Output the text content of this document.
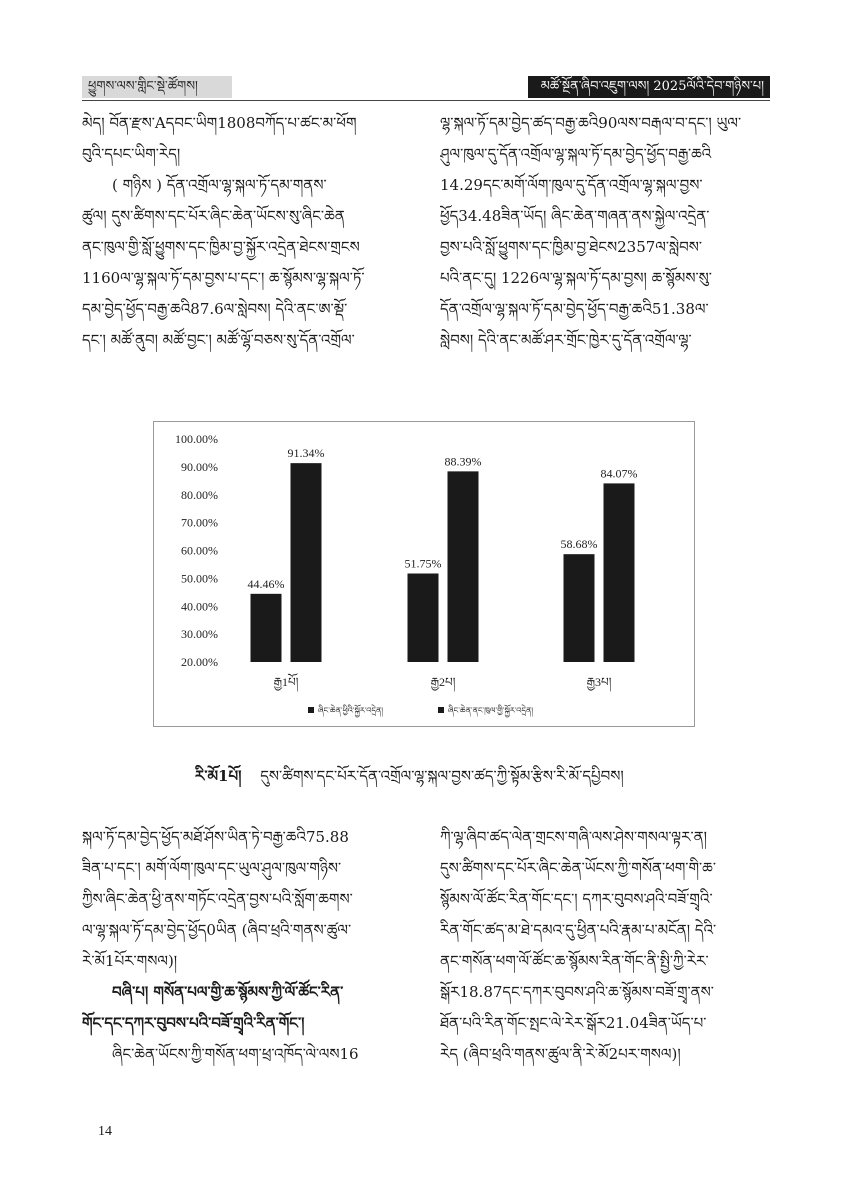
ཕྱུགས་ལས་གླིང་སྡེ་ཚོགས།	མཚོ་སྔོན་ཞིབ་འཇུག་ལས། 2025ལོའི་དེབ་གཉིས་པ།

མེད། བོན་རྫས་Aདབང་ཡིག1808བཀོད་པ་ཚང་མ་ཕོག

བུའི་དཔང་ཡིག་རེད།

( གཉིས ) དོན་འགྲོལ་ལྷ་སྐལ་ཏོ་དམ་གནས་

ཚུལ། དུས་ཚིགས་དང་པོར་ཞིང་ཆེན་ཡོངས་སུ་ཞིང་ཆེན

ནང་ཁུལ་གྱི་སློ་ཕྱུགས་དང་ཁྱིམ་བྱ་སྐྱོར་འདྲེན་ཐེངས་གྲངས

1160ལ་ལྷ་སྐལ་ཏོ་དམ་བྱས་པ་དང་། ཆ་སྙོམས་ལྷ་སྐལ་ཏོ་

དམ་བྱེད་ཕྱོད་བརྒྱ་ཆའི87.6ལ་སླེབས། དེའི་ནང་ཨ་མྡོ་

དང་། མཚོ་ནུབ། མཚོ་བྱང་། མཚོ་ལྷོ་བཅས་སུ་དོན་འགྲོལ་

ལྷ་སྐལ་ཏོ་དམ་བྱེད་ཚད་བརྒྱ་ཆའི90ལས་བརྒལ་བ་དང་། ཡུལ་

ཤུལ་ཁུལ་དུ་དོན་འགྲོལ་ལྷ་སྐལ་ཏོ་དམ་བྱེད་ཕྱོད་བརྒྱ་ཆའི

14.29དང་མགོ་ལོག་ཁུལ་དུ་དོན་འགྲོལ་ལྷ་སྐལ་བྱས་

ཕྱོད34.48ཟིན་ཡོད། ཞིང་ཆེན་གཞན་ནས་སྐྱེལ་འདྲེན་

བྱས་པའི་སློ་ཕྱུགས་དང་ཁྱིམ་བྱ་ཐེངས2357ལ་སླེབས་

པའི་ནང་དུ། 1226ལ་ལྷ་སྐལ་ཏོ་དམ་བྱས། ཆ་སྙོམས་སུ་

དོན་འགྲོལ་ལྷ་སྐལ་ཏོ་དམ་བྱེད་ཕྱོད་བརྒྱ་ཆའི51.38ལ་

སླེབས། དེའི་ནང་མཚོ་ཤར་གྲོང་ཁྱེར་དུ་དོན་འགྲོལ་ལྷ་

100.00%
90.00%
80.00%
70.00%
60.00%
50.00%
40.00%
30.00%
20.00%
44.46%
91.34%
51.75%
88.39%
58.68%
84.07%
རྒྱ1པོ།	རྒྱ2པ།	རྒྱ3པ།
ཞིང་ཆེན་ཕྱིའི་སྐྱོར་འདྲེན།	ཞིང་ཆེན་ནང་ཁུལ་གྱི་སྐྱོར་འདྲེན།
རི་མོ1པོ། དུས་ཚིགས་དང་པོར་དོན་འགྲོལ་ལྷ་སྐལ་བྱས་ཚད་ཀྱི་སྟོམ་རྩིས་རི་མོ་དཔྱིབས།

སྐལ་ཏོ་དམ་བྱེད་ཕྱོད་མཐོ་ཤོས་ཡིན་ཏེ་བརྒྱ་ཆའི75.88

ཟིན་པ་དང་། མགོ་ལོག་ཁུལ་དང་ཡུལ་ཤུལ་ཁུལ་གཉིས་

ཀྱིས་ཞིང་ཆེན་ཕྱི་ནས་གཏོང་འདྲེན་བྱས་པའི་སློག་ཆགས་

ལ་ལྷ་སྐལ་ཏོ་དམ་བྱེད་ཕྱོད0ཡིན (ཞིབ་ཕྲའི་གནས་ཚུལ་

རེ་མོ1པོར་གསལ)།

བཞི་པ། གསོན་པལ་གྱི་ཆ་སྙོམས་ཀྱི་ལོ་ཚོང་རིན་

གོང་དང་དཀར་བུབས་པའི་བཟོ་གྲྭའི་རིན་གོང་།

ཞིང་ཆེན་ཡོངས་ཀྱི་གསོན་ཕག་ཕྲ་འཁོད་ལེ་ལས16

ཀི་ལྷ་ཞིབ་ཚད་ལེན་གྲངས་གཞི་ལས་ཤེས་གསལ་ལྟར་ན།

དུས་ཚིགས་དང་པོར་ཞིང་ཆེན་ཡོངས་ཀྱི་གསོན་ཕག་གི་ཆ་

སྙོམས་ལོ་ཚོང་རིན་གོང་དང་། དཀར་བུབས་ཤའི་བཟོ་གྲྭའི་

རིན་གོང་ཚད་མ་ཐེ་དམའ་དུ་ཕྱིན་པའི་རྣམ་པ་མངོན། དེའི་

ནང་གསོན་ཕག་ལོ་ཚོང་ཆ་སྙོམས་རིན་གོང་ནི་སྤྱི་ཀྱི་རེར་

སྒོར18.87དང་དཀར་བུབས་ཤའི་ཆ་སྙོམས་བཟོ་གྲྭ་ནས་

ཐོན་པའི་རིན་གོང་སྤང་ལེ་རེར་སྒོར21.04ཟིན་ཡོད་པ་

རེད (ཞིབ་ཕྲའི་གནས་ཚུལ་ནི་རེ་མོ2པར་གསལ)།

14
